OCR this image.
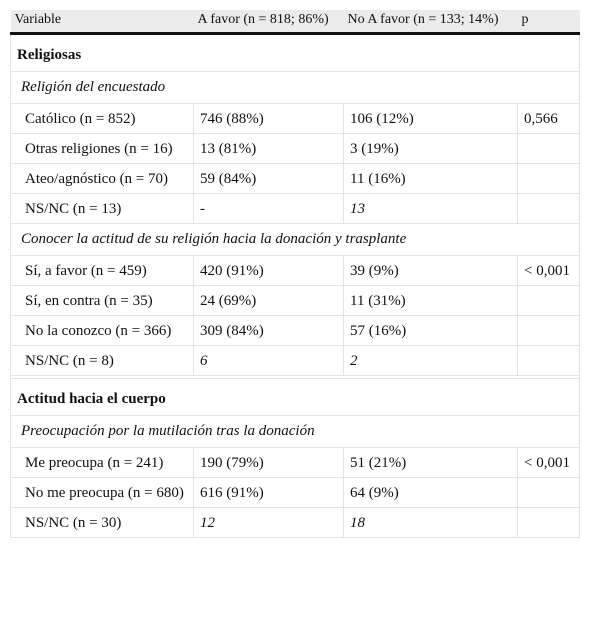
Variable	A favor (n = 818; 86%)	No A favor (n = 133; 14%)	p
Religiosas			
Religión del encuestado			
Católico (n = 852)	746 (88%)	106 (12%)	0,566
Otras religiones (n = 16)	13 (81%)	3 (19%)	
Ateo/agnóstico (n = 70)	59 (84%)	11 (16%)	
NS/NC (n = 13)	-	13	
Conocer la actitud de su religión hacia la donación y trasplante			
Sí, a favor (n = 459)	420 (91%)	39 (9%)	< 0,001
Sí, en contra (n = 35)	24 (69%)	11 (31%)	
No la conozco (n = 366)	309 (84%)	57 (16%)	
NS/NC (n = 8)	6	2	

Actitud hacia el cuerpo			
Preocupación por la mutilación tras la donación			
Me preocupa (n = 241)	190 (79%)	51 (21%)	< 0,001
No me preocupa (n = 680)	616 (91%)	64 (9%)	
NS/NC (n = 30)	12	18	
